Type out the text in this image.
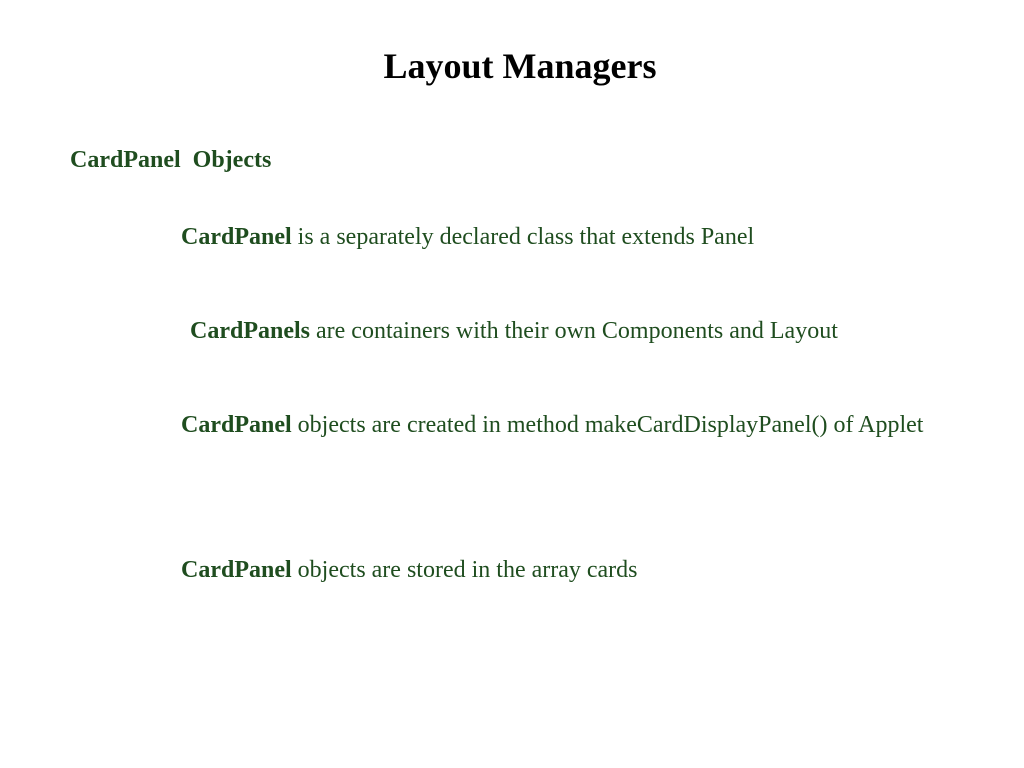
Layout Managers
CardPanel  Objects

CardPanel is a separately declared class that extends Panel

CardPanels are containers with their own Components and Layout

CardPanel objects are created in method makeCardDisplayPanel() of Applet

CardPanel objects are stored in the array cards
